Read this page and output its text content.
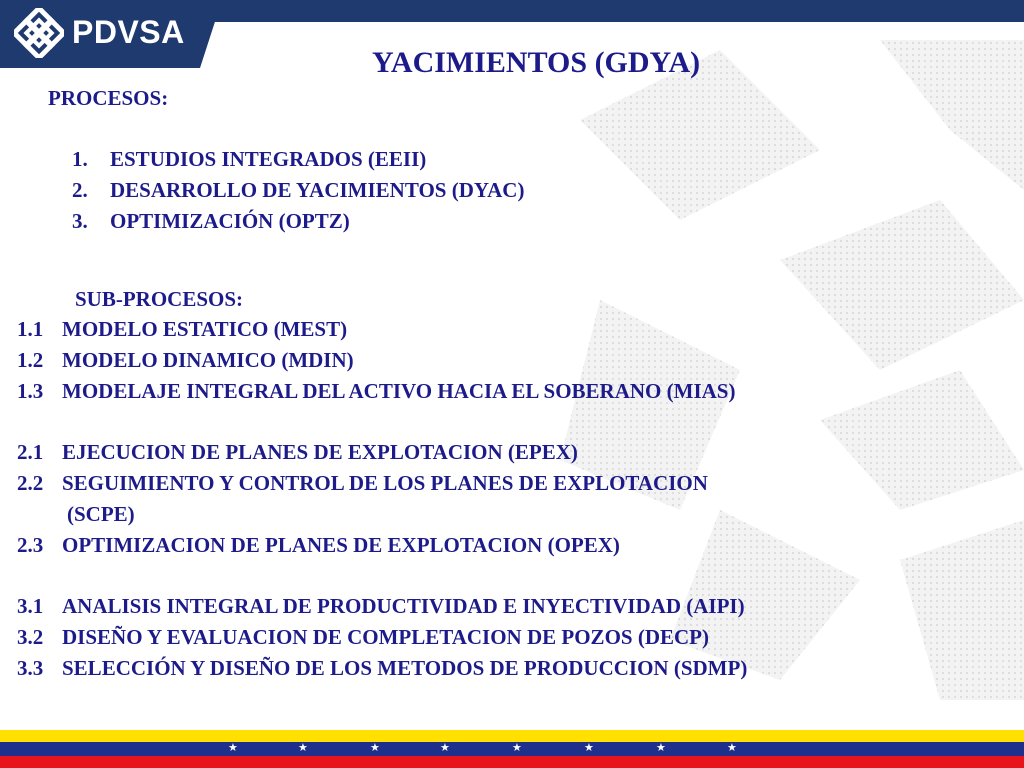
PDVSA
YACIMIENTOS (GDYA)
PROCESOS:
1. ESTUDIOS INTEGRADOS (EEII)
2. DESARROLLO DE YACIMIENTOS (DYAC)
3. OPTIMIZACIÓN (OPTZ)
SUB-PROCESOS:
1.1 MODELO ESTATICO (MEST)
1.2 MODELO DINAMICO (MDIN)
1.3 MODELAJE INTEGRAL DEL ACTIVO HACIA EL SOBERANO (MIAS)
2.1 EJECUCION DE PLANES DE EXPLOTACION (EPEX)
2.2 SEGUIMIENTO Y CONTROL DE LOS PLANES DE EXPLOTACION
(SCPE)
2.3 OPTIMIZACION DE PLANES DE EXPLOTACION (OPEX)
3.1 ANALISIS INTEGRAL DE PRODUCTIVIDAD E INYECTIVIDAD (AIPI)
3.2 DISEÑO Y EVALUACION DE COMPLETACION DE POZOS (DECP)
3.3 SELECCIÓN Y DISEÑO DE LOS METODOS DE PRODUCCION (SDMP)
★	★	★	★	★	★	★	★
